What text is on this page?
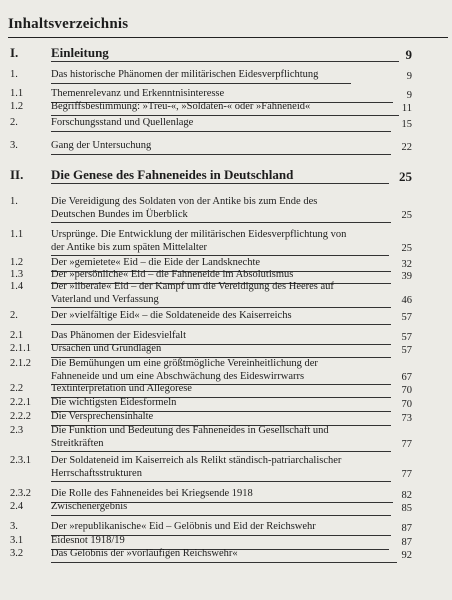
Inhaltsverzeichnis
I.	Einleitung	9
1.	Das historische Phänomen der militärischen Eidesverpflichtung	9
1.1	Themenrelevanz und Erkenntnisinteresse	9
1.2	Begriffsbestimmung: »Treu-«, »Soldaten-« oder »Fahneneid«	11
2.	Forschungsstand und Quellenlage	15
3.	Gang der Untersuchung	22
II. Die Genese des Fahneneides in Deutschland	25
1.	Die Vereidigung des Soldaten von der Antike bis zum Ende des
Deutschen Bundes im Überblick	25
1.1	Ursprünge. Die Entwicklung der militärischen Eidesverpflichtung von
der Antike bis zum späten Mittelalter	25
1.2	Der »gemietete« Eid – die Eide der Landsknechte	32
1.3	Der »persönliche« Eid – die Fahneneide im Absolutismus	39
1.4	Der »liberale« Eid – der Kampf um die Vereidigung des Heeres auf
Vaterland und Verfassung	46
2.	Der »vielfältige Eid« – die Soldateneide des Kaiserreichs	57
2.1	Das Phänomen der Eidesvielfalt	57
2.1.1 Ursachen und Grundlagen	57
2.1.2 Die Bemühungen um eine größtmögliche Vereinheitlichung der
Fahneneide und um eine Abschwächung des Eideswirrwarrs	67
2.2	Textinterpretation und Allegorese	70
2.2.1 Die wichtigsten Eidesformeln	70
2.2.2 Die Versprechensinhalte	73
2.3	Die Funktion und Bedeutung des Fahneneides in Gesellschaft und
Streitkräften	77
2.3.1 Der Soldateneid im Kaiserreich als Relikt ständisch-patriarchalischer
Herrschaftsstrukturen	77
2.3.2 Die Rolle des Fahneneides bei Kriegsende 1918	82
2.4	Zwischenergebnis	85
3.	Der »republikanische« Eid – Gelöbnis und Eid der Reichswehr	87
3.1	Eidesnot 1918/19	87
3.2	Das Gelöbnis der »vorläufigen Reichswehr«	92
